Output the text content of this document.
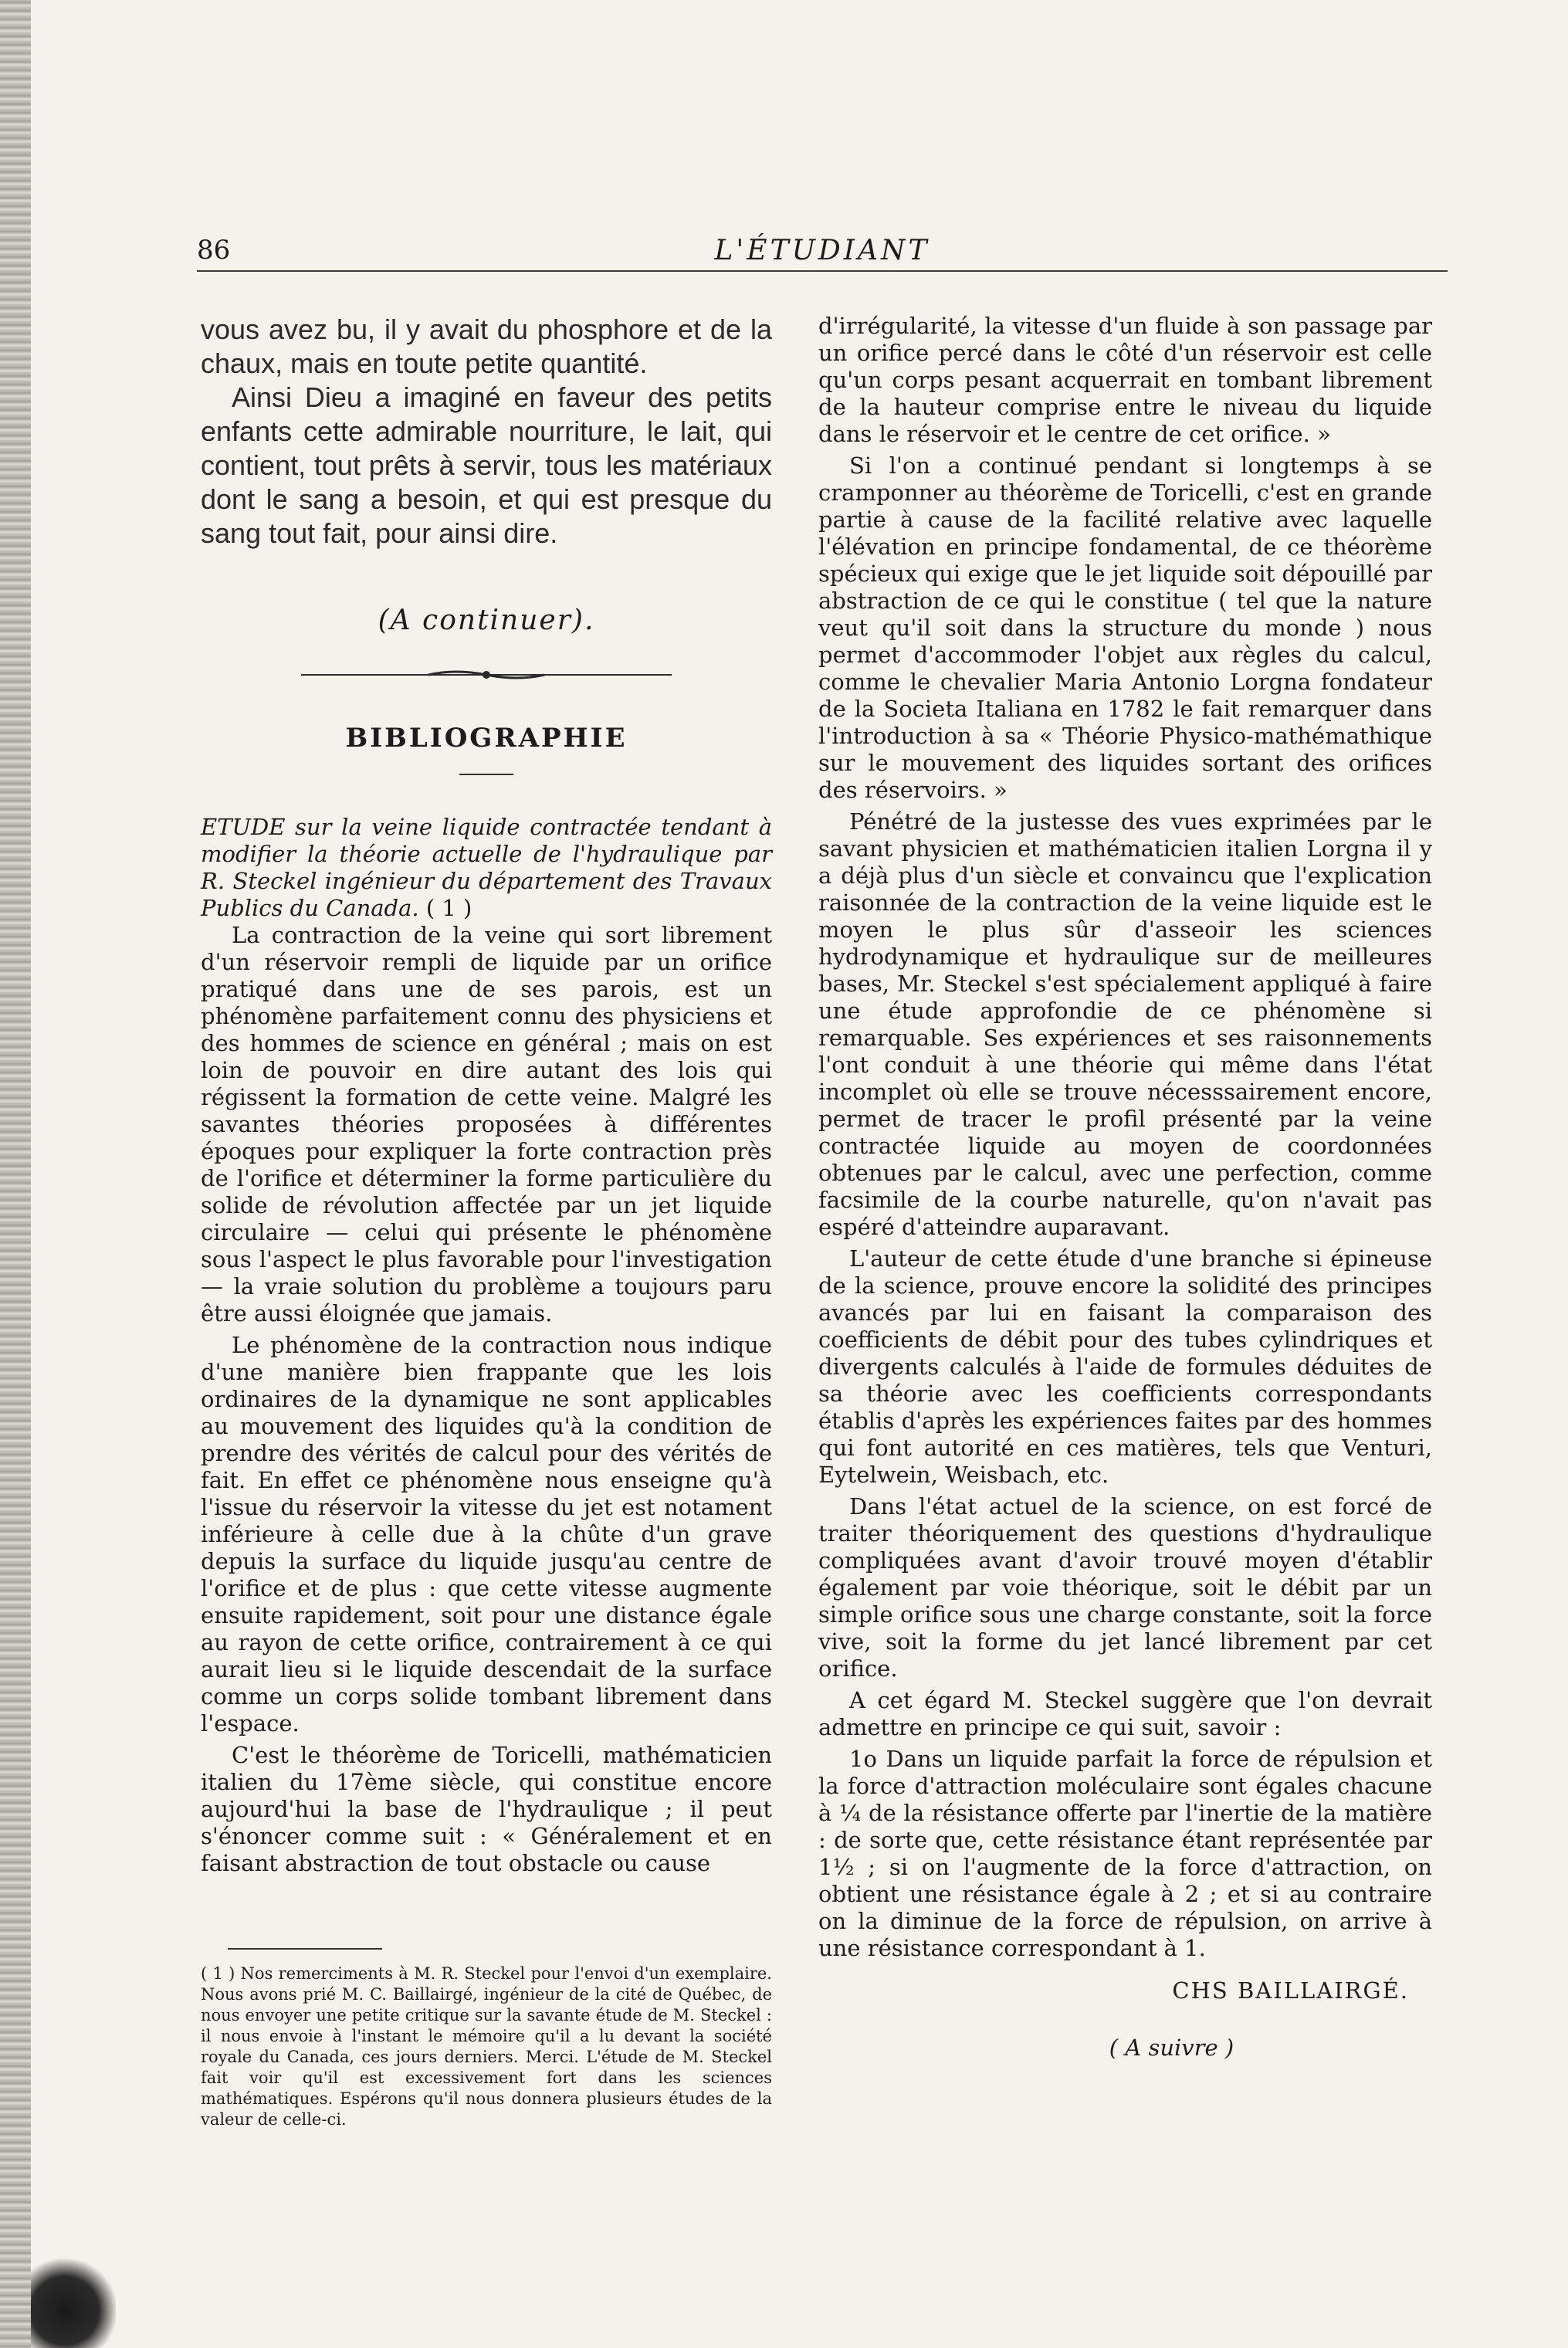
86	L'ÉTUDIANT

vous avez bu, il y avait du phosphore et de la chaux, mais en toute petite quantité.

Ainsi Dieu a imaginé en faveur des petits enfants cette admirable nourriture, le lait, qui contient, tout prêts à servir, tous les matériaux dont le sang a besoin, et qui est presque du sang tout fait, pour ainsi dire.

(A continuer).
BIBLIOGRAPHIE

ETUDE sur la veine liquide contractée tendant à modifier la théorie actuelle de l'hydraulique par R. Steckel ingénieur du département des Travaux Publics du Canada. ( 1 )

La contraction de la veine qui sort librement d'un réservoir rempli de liquide par un orifice pratiqué dans une de ses parois, est un phénomène parfaitement connu des physiciens et des hommes de science en général ; mais on est loin de pouvoir en dire autant des lois qui régissent la formation de cette veine. Malgré les savantes théories proposées à différentes époques pour expliquer la forte contraction près de l'orifice et déterminer la forme particulière du solide de révolution affectée par un jet liquide circulaire — celui qui présente le phénomène sous l'aspect le plus favorable pour l'investigation — la vraie solution du problème a toujours paru être aussi éloignée que jamais.

Le phénomène de la contraction nous indique d'une manière bien frappante que les lois ordinaires de la dynamique ne sont applicables au mouvement des liquides qu'à la condition de prendre des vérités de calcul pour des vérités de fait. En effet ce phénomène nous enseigne qu'à l'issue du réservoir la vitesse du jet est notament inférieure à celle due à la chûte d'un grave depuis la surface du liquide jusqu'au centre de l'orifice et de plus : que cette vitesse augmente ensuite rapidement, soit pour une distance égale au rayon de cette orifice, contrairement à ce qui aurait lieu si le liquide descendait de la surface comme un corps solide tombant librement dans l'espace.

C'est le théorème de Toricelli, mathématicien italien du 17ème siècle, qui constitue encore aujourd'hui la base de l'hydraulique ; il peut s'énoncer comme suit : « Généralement et en faisant abstraction de tout obstacle ou cause

( 1 ) Nos remerciments à M. R. Steckel pour l'envoi d'un exemplaire. Nous avons prié M. C. Baillairgé, ingénieur de la cité de Québec, de nous envoyer une petite critique sur la savante étude de M. Steckel : il nous envoie à l'instant le mémoire qu'il a lu devant la société royale du Canada, ces jours derniers. Merci. L'étude de M. Steckel fait voir qu'il est excessivement fort dans les sciences mathématiques. Espérons qu'il nous donnera plusieurs études de la valeur de celle-ci.

d'irrégularité, la vitesse d'un fluide à son passage par un orifice percé dans le côté d'un réservoir est celle qu'un corps pesant acquerrait en tombant librement de la hauteur comprise entre le niveau du liquide dans le réservoir et le centre de cet orifice. »

Si l'on a continué pendant si longtemps à se cramponner au théorème de Toricelli, c'est en grande partie à cause de la facilité relative avec laquelle l'élévation en principe fondamental, de ce théorème spécieux qui exige que le jet liquide soit dépouillé par abstraction de ce qui le constitue ( tel que la nature veut qu'il soit dans la structure du monde ) nous permet d'accommoder l'objet aux règles du calcul, comme le chevalier Maria Antonio Lorgna fondateur de la Societa Italiana en 1782 le fait remarquer dans l'introduction à sa « Théorie Physico-mathémathique sur le mouvement des liquides sortant des orifices des réservoirs. »

Pénétré de la justesse des vues exprimées par le savant physicien et mathématicien italien Lorgna il y a déjà plus d'un siècle et convaincu que l'explication raisonnée de la contraction de la veine liquide est le moyen le plus sûr d'asseoir les sciences hydrodynamique et hydraulique sur de meilleures bases, Mr. Steckel s'est spécialement appliqué à faire une étude approfondie de ce phénomène si remarquable. Ses expériences et ses raisonnements l'ont conduit à une théorie qui même dans l'état incomplet où elle se trouve nécesssairement encore, permet de tracer le profil présenté par la veine contractée liquide au moyen de coordonnées obtenues par le calcul, avec une perfection, comme facsimile de la courbe naturelle, qu'on n'avait pas espéré d'atteindre auparavant.

L'auteur de cette étude d'une branche si épineuse de la science, prouve encore la solidité des principes avancés par lui en faisant la comparaison des coefficients de débit pour des tubes cylindriques et divergents calculés à l'aide de formules déduites de sa théorie avec les coefficients correspondants établis d'après les expériences faites par des hommes qui font autorité en ces matières, tels que Venturi, Eytelwein, Weisbach, etc.

Dans l'état actuel de la science, on est forcé de traiter théoriquement des questions d'hydraulique compliquées avant d'avoir trouvé moyen d'établir également par voie théorique, soit le débit par un simple orifice sous une charge constante, soit la force vive, soit la forme du jet lancé librement par cet orifice.

A cet égard M. Steckel suggère que l'on devrait admettre en principe ce qui suit, savoir :

1o Dans un liquide parfait la force de répulsion et la force d'attraction moléculaire sont égales chacune à ¼ de la résistance offerte par l'inertie de la matière : de sorte que, cette résistance étant représentée par 1½ ; si on l'augmente de la force d'attraction, on obtient une résistance égale à 2 ; et si au contraire on la diminue de la force de répulsion, on arrive à une résistance correspondant à 1.

CHS BAILLAIRGÉ.
( A suivre )
